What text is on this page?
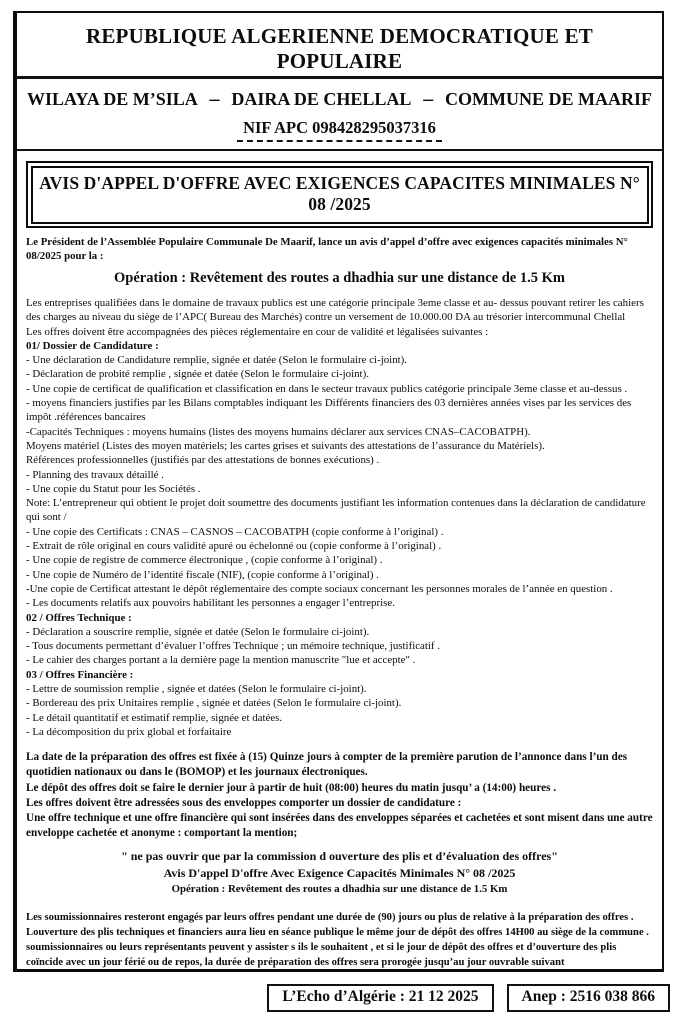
REPUBLIQUE ALGERIENNE DEMOCRATIQUE ET POPULAIRE
WILAYA DE M’SILA – DAIRA DE CHELLAL – COMMUNE DE MAARIF
NIF APC 098428295037316
AVIS D'APPEL D'OFFRE AVEC EXIGENCES CAPACITES MINIMALES N° 08 /2025

Le Président de l’Assemblée Populaire Communale De Maarif, lance un avis d’appel d’offre avec exigences capacités minimales N° 08/2025 pour la :

Opération : Revêtement des routes a dhadhia sur une distance de 1.5 Km

Les entreprises qualifiées dans le domaine de travaux publics est une catégorie principale 3eme classe et au- dessus pouvant retirer les cahiers des charges au niveau du siège de l’APC( Bureau des Marchés) contre un versement de 10.000.00 DA au trésorier intercommunal Chellal

Les offres doivent être accompagnées des pièces réglementaire en cour de validité et légalisées suivantes :

01/ Dossier de Candidature :

- Une déclaration de Candidature remplie, signée et datée (Selon le formulaire ci-joint).

- Déclaration de probité remplie , signée et datée (Selon le formulaire ci-joint).

- Une copie de certificat de qualification et classification en dans le secteur travaux publics catégorie principale 3eme classe et au-dessus .

- moyens financiers justifies par les Bilans comptables indiquant les Différents financiers des 03 dernières années vises par les services des impôt .références bancaires

-Capacités Techniques : moyens humains (listes des moyens humains déclarer aux services CNAS–CACOBATPH).

Moyens matériel (Listes des moyen matériels; les cartes grises et suivants des attestations de l’assurance du Matériels).

Références professionnelles (justifiés par des attestations de bonnes exécutions) .

- Planning des travaux détaillé .

- Une copie du Statut pour les Sociétés .

Note: L’entrepreneur qui obtient le projet doit soumettre des documents justifiant les information contenues dans la déclaration de candidature qui sont /

- Une copie des Certificats : CNAS – CASNOS – CACOBATPH (copie conforme à l’original) .

- Extrait de rôle original en cours validité apuré ou échelonné ou (copie conforme à l’original) .

- Une copie de registre de commerce électronique , (copie conforme à l’original) .

- Une copie de Numéro de l’identité fiscale (NIF), (copie conforme à l’original) .

-Une copie de Certificat attestant le dépôt réglementaire des compte sociaux concernant les personnes morales de l’année en question .

- Les documents relatifs aux pouvoirs habilitant les personnes a engager l’entreprise.

02 / Offres Technique :

- Déclaration a souscrire remplie, signée et datée (Selon le formulaire ci-joint).

- Tous documents permettant d’évaluer l’offres Technique ; un mémoire technique, justificatif .

- Le cahier des charges portant a la dernière page la mention manuscrite "lue et accepte" .

03 / Offres Financière :

- Lettre de soumission remplie , signée et datées (Selon le formulaire ci-joint).

- Bordereau des prix Unitaires remplie , signée et datées (Selon le formulaire ci-joint).

- Le détail quantitatif et estimatif remplie, signée et datées.

- La décomposition du prix global et forfaitaire

La date de la préparation des offres est fixée à (15) Quinze jours à compter de la première parution de l’annonce dans l’un des quotidien nationaux ou dans le (BOMOP) et les journaux électroniques.

Le dépôt des offres doit se faire le dernier jour à partir de huit (08:00) heures du matin jusqu’ a (14:00) heures .

Les offres doivent être adressées sous des enveloppes comporter un dossier de candidature :

Une offre technique et une offre financière qui sont insérées dans des enveloppes séparées et cachetées et sont misent dans une autre enveloppe cachetée et anonyme : comportant la mention;

" ne pas ouvrir que par la commission d ouverture des plis et d’évaluation des offres"

Avis D'appel D'offre Avec Exigence Capacités Minimales N° 08 /2025

Opération : Revêtement des routes a dhadhia sur une distance de 1.5 Km

Les soumissionnaires resteront engagés par leurs offres pendant une durée de (90) jours ou plus de relative à la préparation des offres .

Louverture des plis techniques et financiers aura lieu en séance publique le même jour de dépôt des offres 14H00 au siège de la commune . soumissionnaires ou leurs représentants peuvent y assister s ils le souhaitent , et si le jour de dépôt des offres et d’ouverture des plis coïncide avec un jour férié ou de repos, la durée de préparation des offres sera prorogée jusqu’au jour ouvrable suivant

L’Echo d’Algérie : 21 12 2025	Anep : 2516 038 866
